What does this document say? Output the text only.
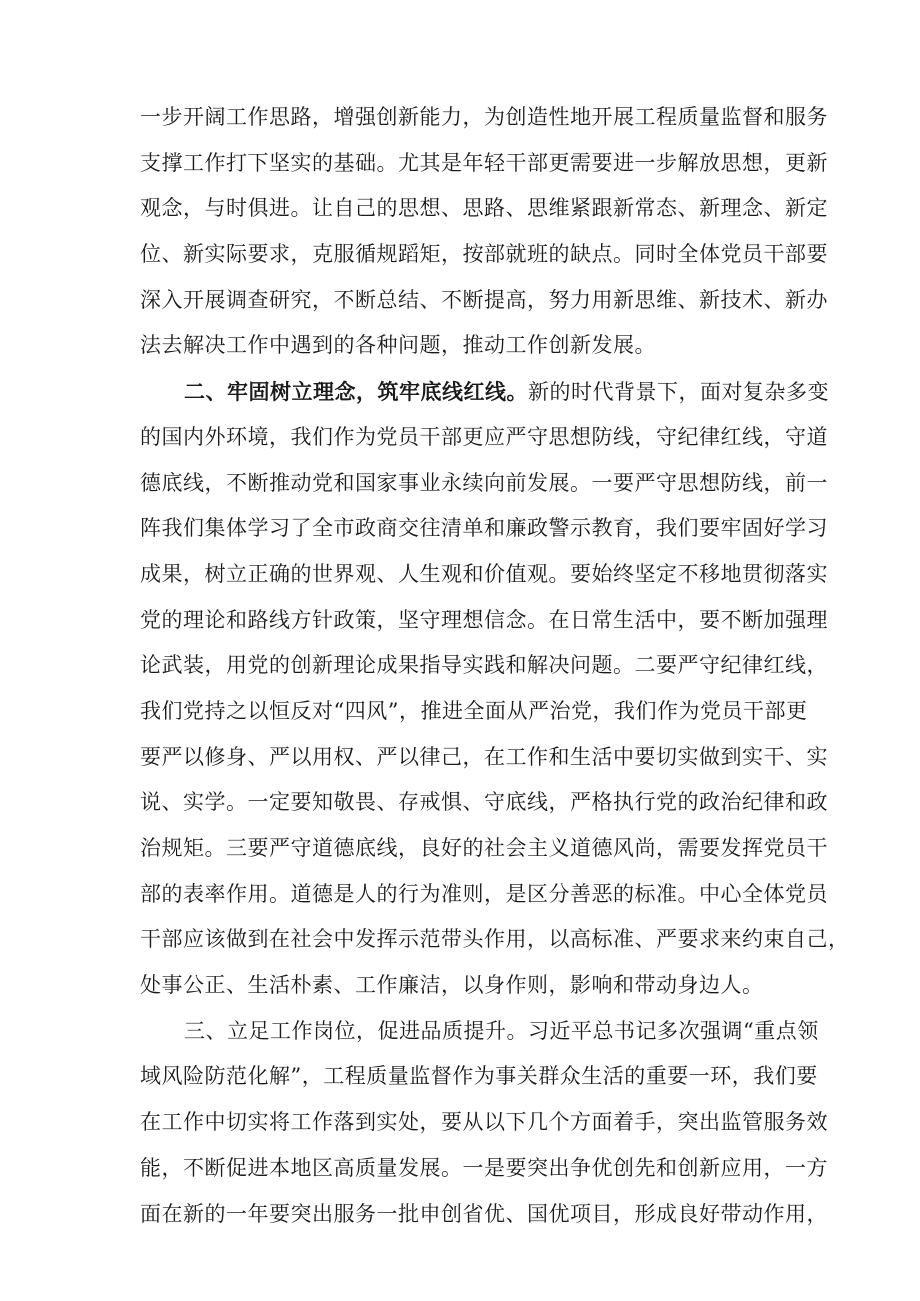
一步开阔工作思路，增强创新能力，为创造性地开展工程质量监督和服务
支撑工作打下坚实的基础。尤其是年轻干部更需要进一步解放思想，更新
观念，与时俱进。让自己的思想、思路、思维紧跟新常态、新理念、新定
位、新实际要求，克服循规蹈矩，按部就班的缺点。同时全体党员干部要
深入开展调查研究，不断总结、不断提高，努力用新思维、新技术、新办
法去解决工作中遇到的各种问题，推动工作创新发展。
二、牢固树立理念，筑牢底线红线。新的时代背景下，面对复杂多变
的国内外环境，我们作为党员干部更应严守思想防线，守纪律红线，守道
德底线，不断推动党和国家事业永续向前发展。一要严守思想防线，前一
阵我们集体学习了全市政商交往清单和廉政警示教育，我们要牢固好学习
成果，树立正确的世界观、人生观和价值观。要始终坚定不移地贯彻落实
党的理论和路线方针政策，坚守理想信念。在日常生活中，要不断加强理
论武装，用党的创新理论成果指导实践和解决问题。二要严守纪律红线，
我们党持之以恒反对“四风”，推进全面从严治党，我们作为党员干部更
要严以修身、严以用权、严以律己，在工作和生活中要切实做到实干、实
说、实学。一定要知敬畏、存戒惧、守底线，严格执行党的政治纪律和政
治规矩。三要严守道德底线，良好的社会主义道德风尚，需要发挥党员干
部的表率作用。道德是人的行为准则，是区分善恶的标准。中心全体党员
干部应该做到在社会中发挥示范带头作用，以高标准、严要求来约束自己，
处事公正、生活朴素、工作廉洁，以身作则，影响和带动身边人。
三、立足工作岗位，促进品质提升。习近平总书记多次强调“重点领
域风险防范化解”，工程质量监督作为事关群众生活的重要一环，我们要
在工作中切实将工作落到实处，要从以下几个方面着手，突出监管服务效
能，不断促进本地区高质量发展。一是要突出争优创先和创新应用，一方
面在新的一年要突出服务一批申创省优、国优项目，形成良好带动作用，
